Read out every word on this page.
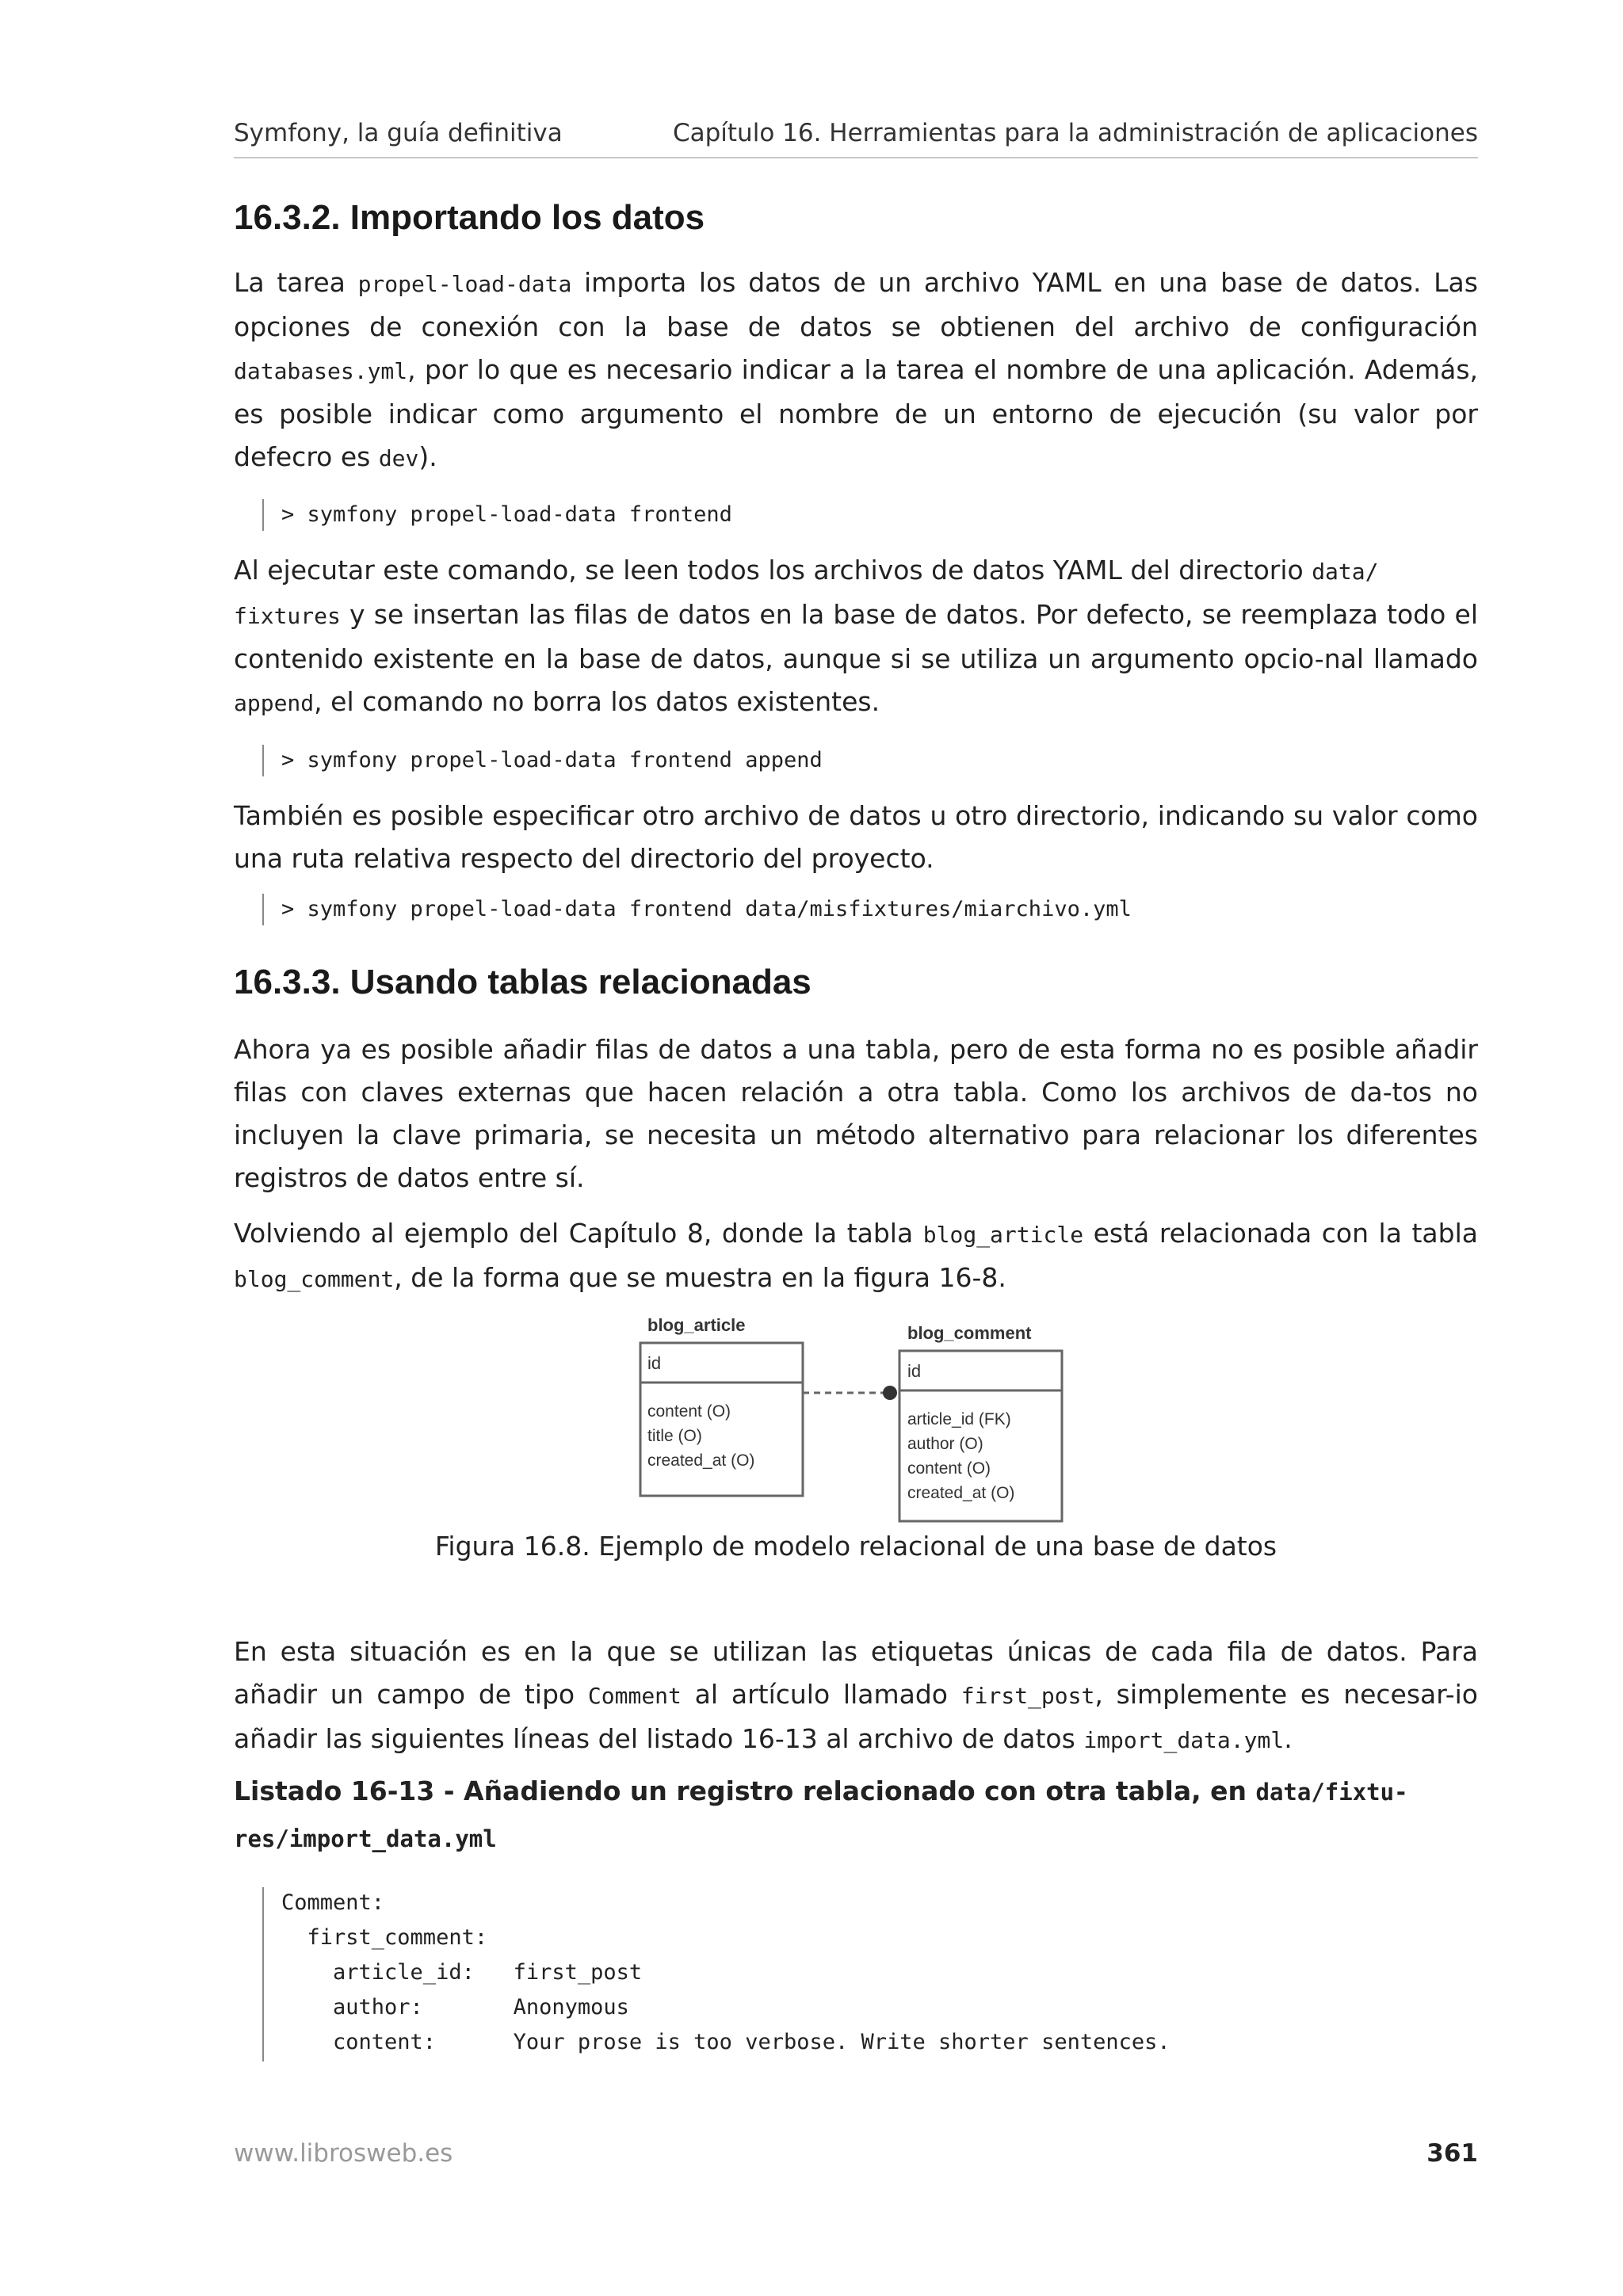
Symfony, la guía definitiva	Capítulo 16. Herramientas para la administración de aplicaciones
16.3.2. Importando los datos

La tarea propel-load-data importa los datos de un archivo YAML en una base de datos. Las opciones de conexión con la base de datos se obtienen del archivo de configuración databases.yml, por lo que es necesario indicar a la tarea el nombre de una aplicación. Además, es posible indicar como argumento el nombre de un entorno de ejecución (su valor por defecro es dev).

> symfony propel-load-data frontend

Al ejecutar este comando, se leen todos los archivos de datos YAML del directorio data/
fixtures y se insertan las filas de datos en la base de datos. Por defecto, se reemplaza todo el contenido existente en la base de datos, aunque si se utiliza un argumento opcio-nal llamado append, el comando no borra los datos existentes.

> symfony propel-load-data frontend append

También es posible especificar otro archivo de datos u otro directorio, indicando su valor como una ruta relativa respecto del directorio del proyecto.

> symfony propel-load-data frontend data/misfixtures/miarchivo.yml
16.3.3. Usando tablas relacionadas

Ahora ya es posible añadir filas de datos a una tabla, pero de esta forma no es posible añadir filas con claves externas que hacen relación a otra tabla. Como los archivos de da-tos no incluyen la clave primaria, se necesita un método alternativo para relacionar los diferentes registros de datos entre sí.

Volviendo al ejemplo del Capítulo 8, donde la tabla blog_article está relacionada con la tabla blog_comment, de la forma que se muestra en la figura 16-8.

blog_article
id
content (O)
title (O)
created_at (O)
blog_comment
id
article_id (FK)
author (O)
content (O)
created_at (O)
Figura 16.8. Ejemplo de modelo relacional de una base de datos

En esta situación es en la que se utilizan las etiquetas únicas de cada fila de datos. Para añadir un campo de tipo Comment al artículo llamado first_post, simplemente es necesar-io añadir las siguientes líneas del listado 16-13 al archivo de datos import_data.yml.

Listado 16-13 - Añadiendo un registro relacionado con otra tabla, en data/fixtu-
res/import_data.yml

Comment:
first_comment:
article_id:   first_post
author:       Anonymous
content:      Your prose is too verbose. Write shorter sentences.
www.librosweb.es	361
